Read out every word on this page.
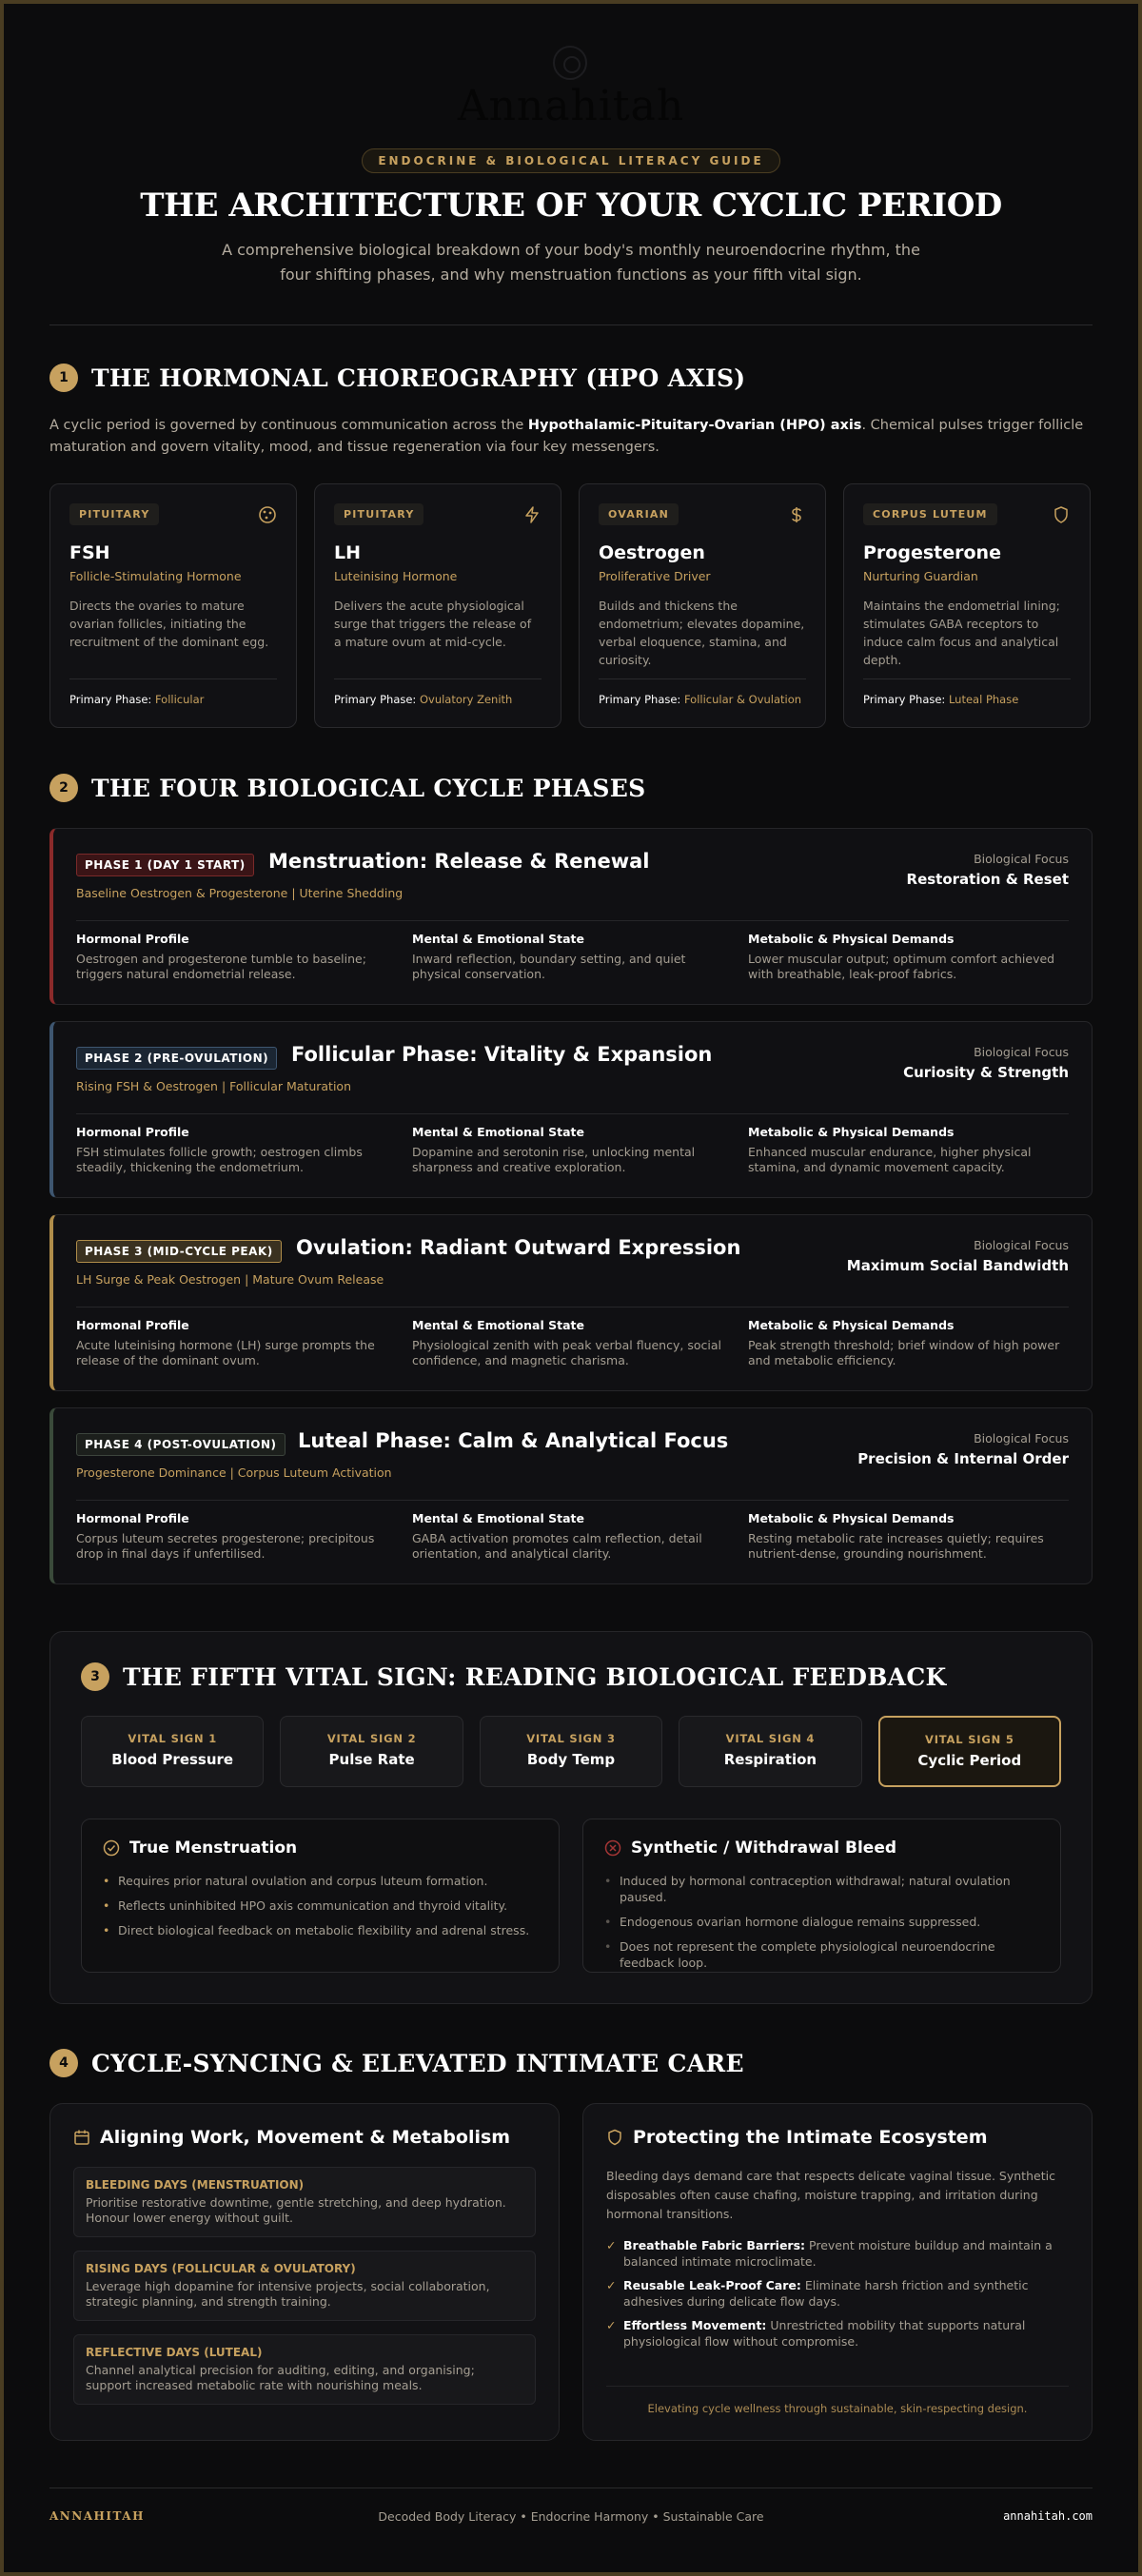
Annahitah
ENDOCRINE & BIOLOGICAL LITERACY GUIDE
THE ARCHITECTURE OF YOUR CYCLIC PERIOD

A comprehensive biological breakdown of your body's monthly neuroendocrine rhythm, the four shifting phases, and why menstruation functions as your fifth vital sign.

1 THE HORMONAL CHOREOGRAPHY (HPO AXIS)

A cyclic period is governed by continuous communication across the Hypothalamic-Pituitary-Ovarian (HPO) axis. Chemical pulses trigger follicle maturation and govern vitality, mood, and tissue regeneration via four key messengers.

PITUITARY
FSH
Follicle-Stimulating Hormone

Directs the ovaries to mature ovarian follicles, initiating the recruitment of the dominant egg.

Primary Phase: Follicular
PITUITARY
LH
Luteinising Hormone

Delivers the acute physiological surge that triggers the release of a mature ovum at mid-cycle.

Primary Phase: Ovulatory Zenith
OVARIAN
Oestrogen
Proliferative Driver

Builds and thickens the endometrium; elevates dopamine, verbal eloquence, stamina, and curiosity.

Primary Phase: Follicular & Ovulation
CORPUS LUTEUM
Progesterone
Nurturing Guardian

Maintains the endometrial lining; stimulates GABA receptors to induce calm focus and analytical depth.

Primary Phase: Luteal Phase
2 THE FOUR BIOLOGICAL CYCLE PHASES
PHASE 1 (DAY 1 START)	Menstruation: Release & Renewal
Baseline Oestrogen & Progesterone | Uterine Shedding
Biological Focus
Restoration & Reset
Hormonal Profile

Oestrogen and progesterone tumble to baseline; triggers natural endometrial release.

Mental & Emotional State

Inward reflection, boundary setting, and quiet physical conservation.

Metabolic & Physical Demands

Lower muscular output; optimum comfort achieved with breathable, leak-proof fabrics.

PHASE 2 (PRE-OVULATION)	Follicular Phase: Vitality & Expansion
Rising FSH & Oestrogen | Follicular Maturation
Biological Focus
Curiosity & Strength
Hormonal Profile

FSH stimulates follicle growth; oestrogen climbs steadily, thickening the endometrium.

Mental & Emotional State

Dopamine and serotonin rise, unlocking mental sharpness and creative exploration.

Metabolic & Physical Demands

Enhanced muscular endurance, higher physical stamina, and dynamic movement capacity.

PHASE 3 (MID-CYCLE PEAK)	Ovulation: Radiant Outward Expression
LH Surge & Peak Oestrogen | Mature Ovum Release
Biological Focus
Maximum Social Bandwidth
Hormonal Profile

Acute luteinising hormone (LH) surge prompts the release of the dominant ovum.

Mental & Emotional State

Physiological zenith with peak verbal fluency, social confidence, and magnetic charisma.

Metabolic & Physical Demands

Peak strength threshold; brief window of high power and metabolic efficiency.

PHASE 4 (POST-OVULATION)	Luteal Phase: Calm & Analytical Focus
Progesterone Dominance | Corpus Luteum Activation
Biological Focus
Precision & Internal Order
Hormonal Profile

Corpus luteum secretes progesterone; precipitous drop in final days if unfertilised.

Mental & Emotional State

GABA activation promotes calm reflection, detail orientation, and analytical clarity.

Metabolic & Physical Demands

Resting metabolic rate increases quietly; requires nutrient-dense, grounding nourishment.

3 THE FIFTH VITAL SIGN: READING BIOLOGICAL FEEDBACK
VITAL SIGN 1
Blood Pressure
VITAL SIGN 2
Pulse Rate
VITAL SIGN 3
Body Temp
VITAL SIGN 4
Respiration
VITAL SIGN 5
Cyclic Period
True Menstruation
• Requires prior natural ovulation and corpus luteum formation.
• Reflects uninhibited HPO axis communication and thyroid vitality.
• Direct biological feedback on metabolic flexibility and adrenal stress.
Synthetic / Withdrawal Bleed
• Induced by hormonal contraception withdrawal; natural ovulation paused.
• Endogenous ovarian hormone dialogue remains suppressed.
• Does not represent the complete physiological neuroendocrine feedback loop.
4 CYCLE-SYNCING & ELEVATED INTIMATE CARE
Aligning Work, Movement & Metabolism
BLEEDING DAYS (MENSTRUATION)
Prioritise restorative downtime, gentle stretching, and deep hydration. Honour lower energy without guilt.
RISING DAYS (FOLLICULAR & OVULATORY)
Leverage high dopamine for intensive projects, social collaboration, strategic planning, and strength training.
REFLECTIVE DAYS (LUTEAL)
Channel analytical precision for auditing, editing, and organising; support increased metabolic rate with nourishing meals.
Protecting the Intimate Ecosystem

Bleeding days demand care that respects delicate vaginal tissue. Synthetic disposables often cause chafing, moisture trapping, and irritation during hormonal transitions.

✓ Breathable Fabric Barriers: Prevent moisture buildup and maintain a balanced intimate microclimate.
✓ Reusable Leak-Proof Care: Eliminate harsh friction and synthetic adhesives during delicate flow days.
✓ Effortless Movement: Unrestricted mobility that supports natural physiological flow without compromise.
Elevating cycle wellness through sustainable, skin-respecting design.
ANNAHITAH	Decoded Body Literacy • Endocrine Harmony • Sustainable Care	annahitah.com
